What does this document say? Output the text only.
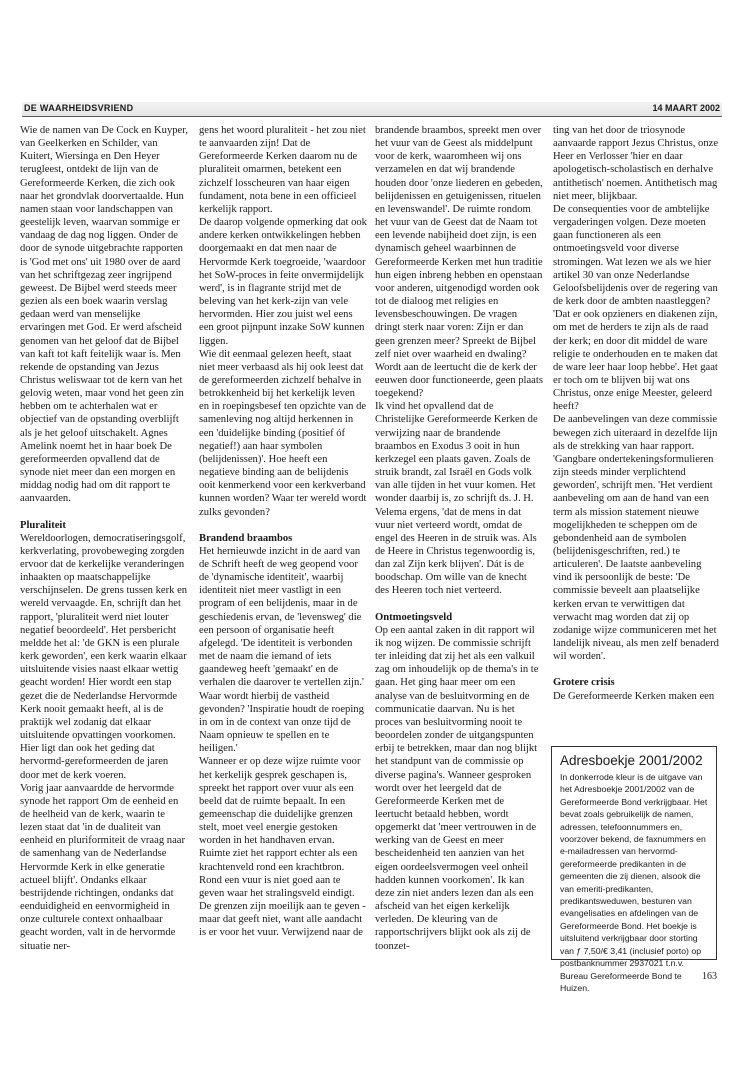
DE WAARHEIDSVRIEND	14 MAART 2002

Wie de namen van De Cock en Kuyper, van Geelkerken en Schilder, van Kuitert, Wiersinga en Den Heyer terugleest, ontdekt de lijn van de Gereformeerde Kerken, die zich ook naar het grondvlak doorvertaalde. Hun namen staan voor landschappen van geestelijk leven, waarvan sommige er vandaag de dag nog liggen. Onder de door de synode uitgebrachte rapporten is 'God met ons' uit 1980 over de aard van het schriftgezag zeer ingrijpend geweest. De Bijbel werd steeds meer gezien als een boek waarin verslag gedaan werd van menselijke ervaringen met God. Er werd afscheid genomen van het geloof dat de Bijbel van kaft tot kaft feitelijk waar is. Men rekende de opstanding van Jezus Christus weliswaar tot de kern van het gelovig weten, maar vond het geen zin hebben om te achterhalen wat er objectief van de opstanding overblijft als je het geloof uitschakelt. Agnes Amelink noemt het in haar boek De gereformeerden opvallend dat de synode niet meer dan een morgen en middag nodig had om dit rapport te aanvaarden.

Pluraliteit

Wereldoorlogen, democratiseringsgolf, kerkverlating, provobeweging zorgden ervoor dat de kerkelijke veranderingen inhaakten op maatschappelijke verschijnselen. De grens tussen kerk en wereld vervaagde. En, schrijft dan het rapport, 'pluraliteit werd niet louter negatief beoordeeld'. Het persbericht meldde het al: 'de GKN is een plurale kerk geworden', een kerk waarin elkaar uitsluitende visies naast elkaar wettig geacht worden! Hier wordt een stap gezet die de Nederlandse Hervormde Kerk nooit gemaakt heeft, al is de praktijk wel zodanig dat elkaar uitsluitende opvattingen voorkomen. Hier ligt dan ook het geding dat hervormd-gereformeerden de jaren door met de kerk voeren.

Vorig jaar aanvaardde de hervormde synode het rapport Om de eenheid en de heelheid van de kerk, waarin te lezen staat dat 'in de dualiteit van eenheid en pluriformiteit de vraag naar de samenhang van de Nederlandse Hervormde Kerk in elke generatie actueel blijft'. Ondanks elkaar bestrijdende richtingen, ondanks dat eenduidigheid en eenvormigheid in onze culturele context onhaalbaar geacht worden, valt in de hervormde situatie ner-

gens het woord pluraliteit - het zou niet te aanvaarden zijn! Dat de Gereformeerde Kerken daarom nu de pluraliteit omarmen, betekent een zichzelf losscheuren van haar eigen fundament, nota bene in een officieel kerkelijk rapport.

De daarop volgende opmerking dat ook andere kerken ontwikkelingen hebben doorgemaakt en dat men naar de Hervormde Kerk toegroeide, 'waardoor het SoW-proces in feite onvermijdelijk werd', is in flagrante strijd met de beleving van het kerk-zijn van vele hervormden. Hier zou juist wel eens een groot pijnpunt inzake SoW kunnen liggen.

Wie dit eenmaal gelezen heeft, staat niet meer verbaasd als hij ook leest dat de gereformeerden zichzelf behalve in betrokkenheid bij het kerkelijk leven en in roepingsbesef ten opzichte van de samenleving nog altijd herkennen in een 'duidelijke binding (positief óf negatief!) aan haar symbolen (belijdenissen)'. Hoe heeft een negatieve binding aan de belijdenis ooit kenmerkend voor een kerkverband kunnen worden? Waar ter wereld wordt zulks gevonden?

Brandend braambos

Het hernieuwde inzicht in de aard van de Schrift heeft de weg geopend voor de 'dynamische identiteit', waarbij identiteit niet meer vastligt in een program of een belijdenis, maar in de geschiedenis ervan, de 'levensweg' die een persoon of organisatie heeft afgelegd. 'De identiteit is verbonden met de naam die iemand of iets gaandeweg heeft 'gemaakt' en de verhalen die daarover te vertellen zijn.' Waar wordt hierbij de vastheid gevonden? 'Inspiratie houdt de roeping in om in de context van onze tijd de Naam opnieuw te spellen en te heiligen.'

Wanneer er op deze wijze ruimte voor het kerkelijk gesprek geschapen is, spreekt het rapport over vuur als een beeld dat de ruimte bepaalt. In een gemeenschap die duidelijke grenzen stelt, moet veel energie gestoken worden in het handhaven ervan. Ruimte ziet het rapport echter als een krachtenveld rond een krachtbron. Rond een vuur is niet goed aan te geven waar het stralingsveld eindigt. De grenzen zijn moeilijk aan te geven - maar dat geeft niet, want alle aandacht is er voor het vuur. Verwijzend naar de

brandende braambos, spreekt men over het vuur van de Geest als middelpunt voor de kerk, waaromheen wij ons verzamelen en dat wij brandende houden door 'onze liederen en gebeden, belijdenissen en getuigenissen, rituelen en levenswandel'. De ruimte rondom het vuur van de Geest dat de Naam tot een levende nabijheid doet zijn, is een dynamisch geheel waarbinnen de Gereformeerde Kerken met hun traditie hun eigen inbreng hebben en openstaan voor anderen, uitgenodigd worden ook tot de dialoog met religies en levensbeschouwingen. De vragen dringt sterk naar voren: Zijn er dan geen grenzen meer? Spreekt de Bijbel zelf niet over waarheid en dwaling? Wordt aan de leertucht die de kerk der eeuwen door functioneerde, geen plaats toegekend?

Ik vind het opvallend dat de Christelijke Gereformeerde Kerken de verwijzing naar de brandende braambos en Exodus 3 ooit in hun kerkzegel een plaats gaven. Zoals de struik brandt, zal Israël en Gods volk van alle tijden in het vuur komen. Het wonder daarbij is, zo schrijft ds. J. H. Velema ergens, 'dat de mens in dat vuur niet verteerd wordt, omdat de engel des Heeren in de struik was. Als de Heere in Christus tegenwoordig is, dan zal Zijn kerk blijven'. Dát is de boodschap. Om wille van de knecht des Heeren toch niet verteerd.

Ontmoetingsveld

Op een aantal zaken in dit rapport wil ik nog wijzen. De commissie schrijft ter inleiding dat zij het als een valkuil zag om inhoudelijk op de thema's in te gaan. Het ging haar meer om een analyse van de besluitvorming en de communicatie daarvan. Nu is het proces van besluitvorming nooit te beoordelen zonder de uitgangspunten erbij te betrekken, maar dan nog blijkt het standpunt van de commissie op diverse pagina's. Wanneer gesproken wordt over het leergeld dat de Gereformeerde Kerken met de leertucht betaald hebben, wordt opgemerkt dat 'meer vertrouwen in de werking van de Geest en meer bescheidenheid ten aanzien van het eigen oordeelsvermogen veel onheil hadden kunnen voorkomen'. Ik kan deze zin niet anders lezen dan als een afscheid van het eigen kerkelijk verleden. De kleuring van de rapportschrijvers blijkt ook als zij de toonzet-

ting van het door de triosynode aanvaarde rapport Jezus Christus, onze Heer en Verlosser 'hier en daar apologetisch-scholastisch en derhalve antithetisch' noemen. Antithetisch mag niet meer, blijkbaar.

De consequenties voor de ambtelijke vergaderingen volgen. Deze moeten gaan functioneren als een ontmoetingsveld voor diverse stromingen. Wat lezen we als we hier artikel 30 van onze Nederlandse Geloofsbelijdenis over de regering van de kerk door de ambten naastleggen? 'Dat er ook opzieners en diakenen zijn, om met de herders te zijn als de raad der kerk; en door dit middel de ware religie te onderhouden en te maken dat de ware leer haar loop hebbe'. Het gaat er toch om te blijven bij wat ons Christus, onze enige Meester, geleerd heeft?

De aanbevelingen van deze commissie bewegen zich uiteraard in dezelfde lijn als de strekking van haar rapport. 'Gangbare ondertekeningsformulieren zijn steeds minder verplichtend geworden', schrijft men. 'Het verdient aanbeveling om aan de hand van een term als mission statement nieuwe mogelijkheden te scheppen om de gebondenheid aan de symbolen (belijdenisgeschriften, red.) te articuleren'. De laatste aanbeveling vind ik persoonlijk de beste: 'De commissie beveelt aan plaatselijke kerken ervan te verwittigen dat verwacht mag worden dat zij op zodanige wijze communiceren met het landelijk niveau, als men zelf benaderd wil worden'.

Grotere crisis

De Gereformeerde Kerken maken een

Adresboekje 2001/2002
In donkerrode kleur is de uitgave van het Adresboekje 2001/2002 van de Gereformeerde Bond verkrijgbaar. Het bevat zoals gebruikelijk de namen, adressen, telefoonnummers en, voorzover bekend, de faxnummers en e-mailadressen van hervormd-gereformeerde predikanten in de gemeenten die zij dienen, alsook die van emeriti-predikanten, predikantsweduwen, besturen van evangelisaties en afdelingen van de Gereformeerde Bond. Het boekje is uitsluitend verkrijgbaar door storting van ƒ 7,50/€ 3,41 (inclusief porto) op postbanknummer 2937021 t.n.v. Bureau Gereformeerde Bond te Huizen.
163
